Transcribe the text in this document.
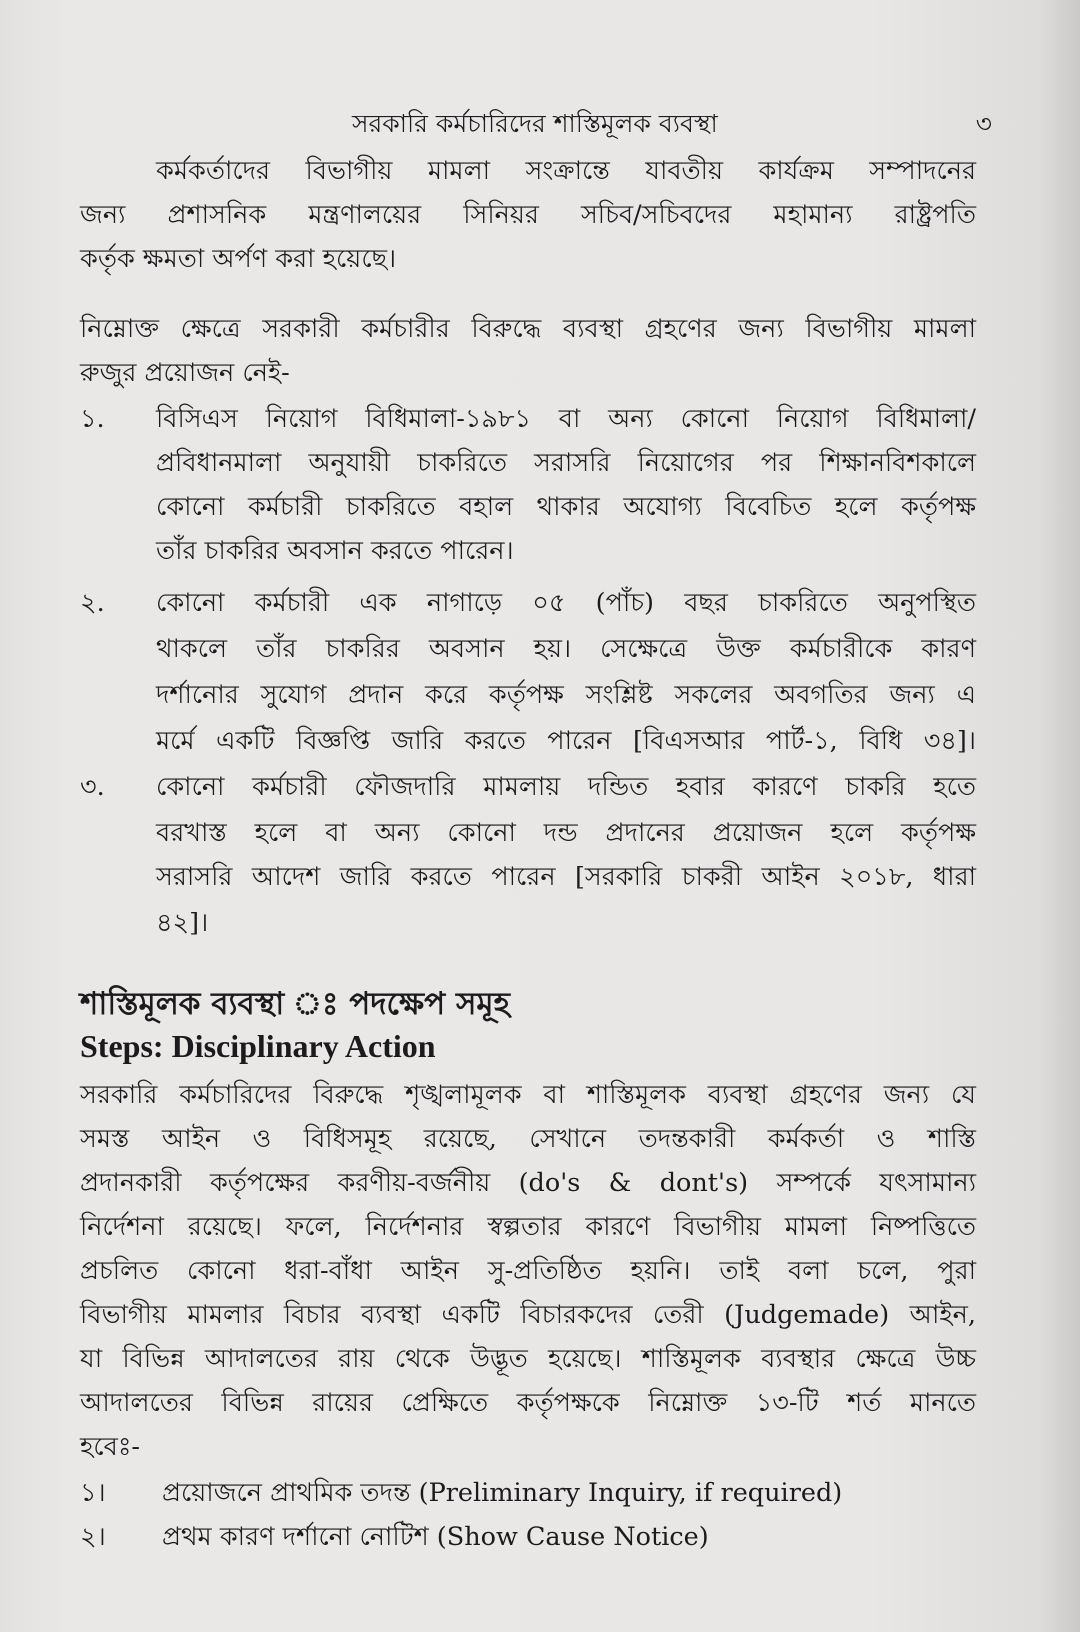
সরকারি কর্মচারিদের শাস্তিমূলক ব্যবস্থা	৩
কর্মকর্তাদের বিভাগীয় মামলা সংক্রান্তে যাবতীয় কার্যক্রম সম্পাদনের
জন্য প্রশাসনিক মন্ত্রণালয়ের সিনিয়র সচিব/সচিবদের মহামান্য রাষ্ট্রপতি
কর্তৃক ক্ষমতা অর্পণ করা হয়েছে।
নিম্নোক্ত ক্ষেত্রে সরকারী কর্মচারীর বিরুদ্ধে ব্যবস্থা গ্রহণের জন্য বিভাগীয় মামলা
রুজুর প্রয়োজন নেই-
১. বিসিএস নিয়োগ বিধিমালা-১৯৮১ বা অন্য কোনো নিয়োগ বিধিমালা/
প্রবিধানমালা অনুযায়ী চাকরিতে সরাসরি নিয়োগের পর শিক্ষানবিশকালে
কোনো কর্মচারী চাকরিতে বহাল থাকার অযোগ্য বিবেচিত হলে কর্তৃপক্ষ
তাঁর চাকরির অবসান করতে পারেন।
২. কোনো কর্মচারী এক নাগাড়ে ০৫ (পাঁচ) বছর চাকরিতে অনুপস্থিত
থাকলে তাঁর চাকরির অবসান হয়। সেক্ষেত্রে উক্ত কর্মচারীকে কারণ
দর্শানোর সুযোগ প্রদান করে কর্তৃপক্ষ সংশ্লিষ্ট সকলের অবগতির জন্য এ
মর্মে একটি বিজ্ঞপ্তি জারি করতে পারেন [বিএসআর পার্ট-১, বিধি ৩৪]।
৩. কোনো কর্মচারী ফৌজদারি মামলায় দন্ডিত হবার কারণে চাকরি হতে
বরখাস্ত হলে বা অন্য কোনো দন্ড প্রদানের প্রয়োজন হলে কর্তৃপক্ষ
সরাসরি আদেশ জারি করতে পারেন [সরকারি চাকরী আইন ২০১৮, ধারা
৪২]।
শাস্তিমূলক ব্যবস্থা ঃ পদক্ষেপ সমূহ
Steps: Disciplinary Action
সরকারি কর্মচারিদের বিরুদ্ধে শৃঙ্খলামূলক বা শাস্তিমূলক ব্যবস্থা গ্রহণের জন্য যে
সমস্ত আইন ও বিধিসমূহ রয়েছে, সেখানে তদন্তকারী কর্মকর্তা ও শাস্তি
প্রদানকারী কর্তৃপক্ষের করণীয়-বর্জনীয় (do's & dont's) সম্পর্কে যৎসামান্য
নির্দেশনা রয়েছে। ফলে, নির্দেশনার স্বল্পতার কারণে বিভাগীয় মামলা নিষ্পত্তিতে
প্রচলিত কোনো ধরা-বাঁধা আইন সু-প্রতিষ্ঠিত হয়নি। তাই বলা চলে, পুরা
বিভাগীয় মামলার বিচার ব্যবস্থা একটি বিচারকদের তেরী (Judgemade) আইন,
যা বিভিন্ন আদালতের রায় থেকে উদ্ভূত হয়েছে। শাস্তিমূলক ব্যবস্থার ক্ষেত্রে উচ্চ
আদালতের বিভিন্ন রায়ের প্রেক্ষিতে কর্তৃপক্ষকে নিম্নোক্ত ১৩-টি শর্ত মানতে
হবেঃ-
১। প্রয়োজনে প্রাথমিক তদন্ত (Preliminary Inquiry, if required)
২। প্রথম কারণ দর্শানো নোটিশ (Show Cause Notice)
